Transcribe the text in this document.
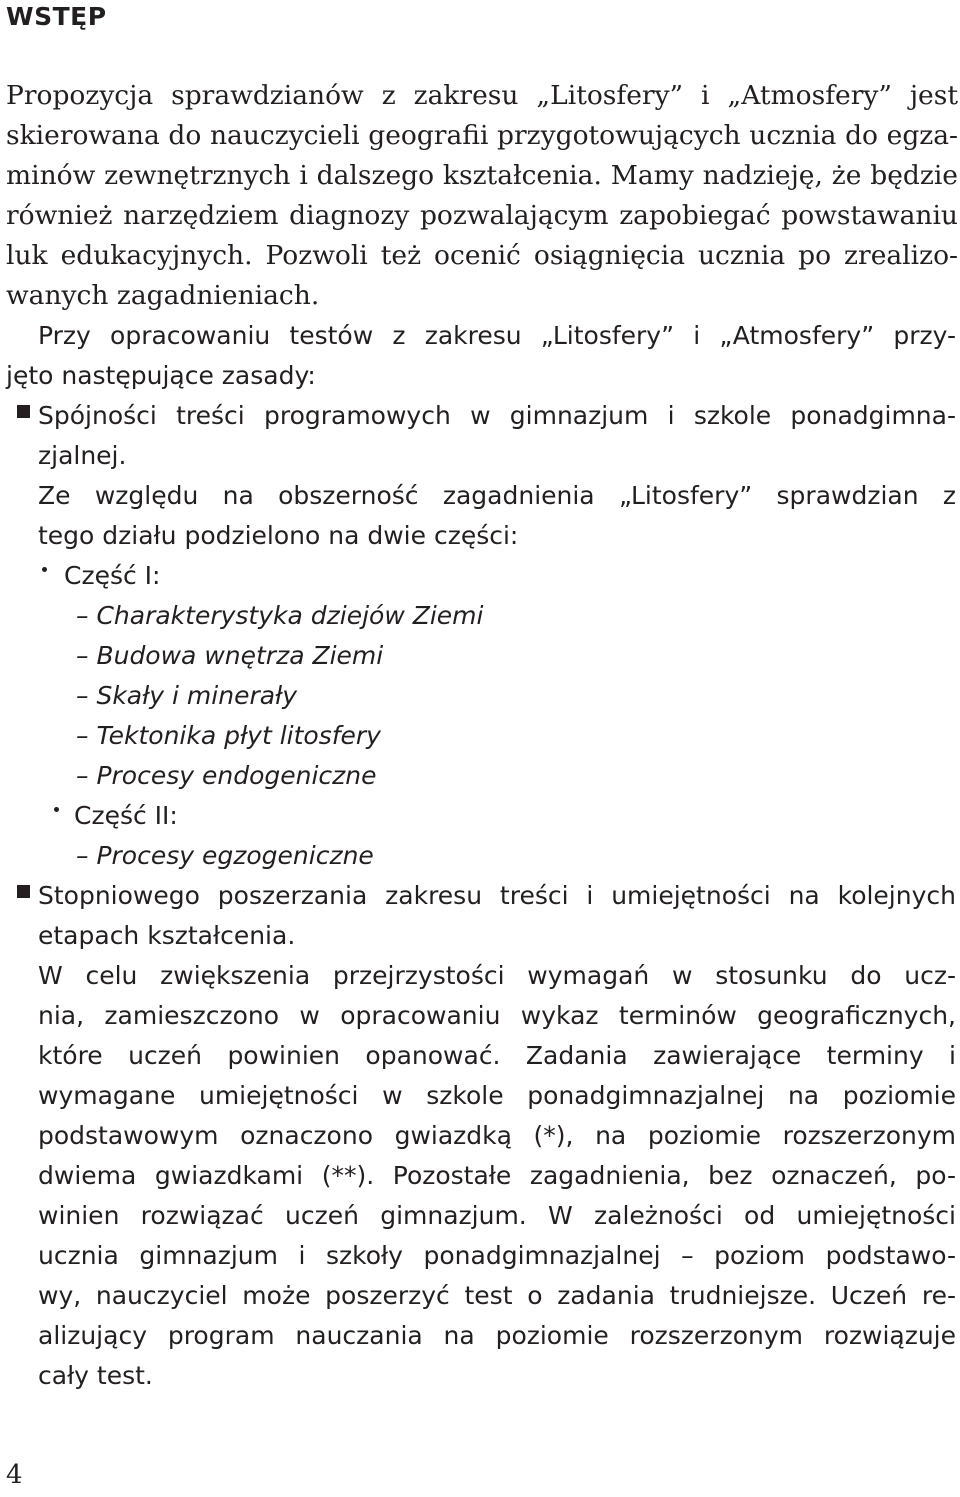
WSTĘP
Propozycja sprawdzianów z zakresu „Litosfery” i „Atmosfery” jest
skierowana do nauczycieli geografii przygotowujących ucznia do egza-
minów zewnętrznych i dalszego kształcenia. Mamy nadzieję, że będzie
również narzędziem diagnozy pozwalającym zapobiegać powstawaniu
luk edukacyjnych. Pozwoli też ocenić osiągnięcia ucznia po zrealizo-
wanych zagadnieniach.
Przy opracowaniu testów z zakresu „Litosfery” i „Atmosfery” przy-
jęto następujące zasady:
Spójności treści programowych w gimnazjum i szkole ponadgimna-
zjalnej.
Ze względu na obszerność zagadnienia „Litosfery” sprawdzian z
tego działu podzielono na dwie części:
Część I:
– Charakterystyka dziejów Ziemi
– Budowa wnętrza Ziemi
– Skały i minerały
– Tektonika płyt litosfery
– Procesy endogeniczne
Część II:
– Procesy egzogeniczne
Stopniowego poszerzania zakresu treści i umiejętności na kolejnych
etapach kształcenia.
W celu zwiększenia przejrzystości wymagań w stosunku do ucz-
nia, zamieszczono w opracowaniu wykaz terminów geograficznych,
które uczeń powinien opanować. Zadania zawierające terminy i
wymagane umiejętności w szkole ponadgimnazjalnej na poziomie
podstawowym oznaczono gwiazdką (*), na poziomie rozszerzonym
dwiema gwiazdkami (**). Pozostałe zagadnienia, bez oznaczeń, po-
winien rozwiązać uczeń gimnazjum. W zależności od umiejętności
ucznia gimnazjum i szkoły ponadgimnazjalnej – poziom podstawo-
wy, nauczyciel może poszerzyć test o zadania trudniejsze. Uczeń re-
alizujący program nauczania na poziomie rozszerzonym rozwiązuje
cały test.
4
